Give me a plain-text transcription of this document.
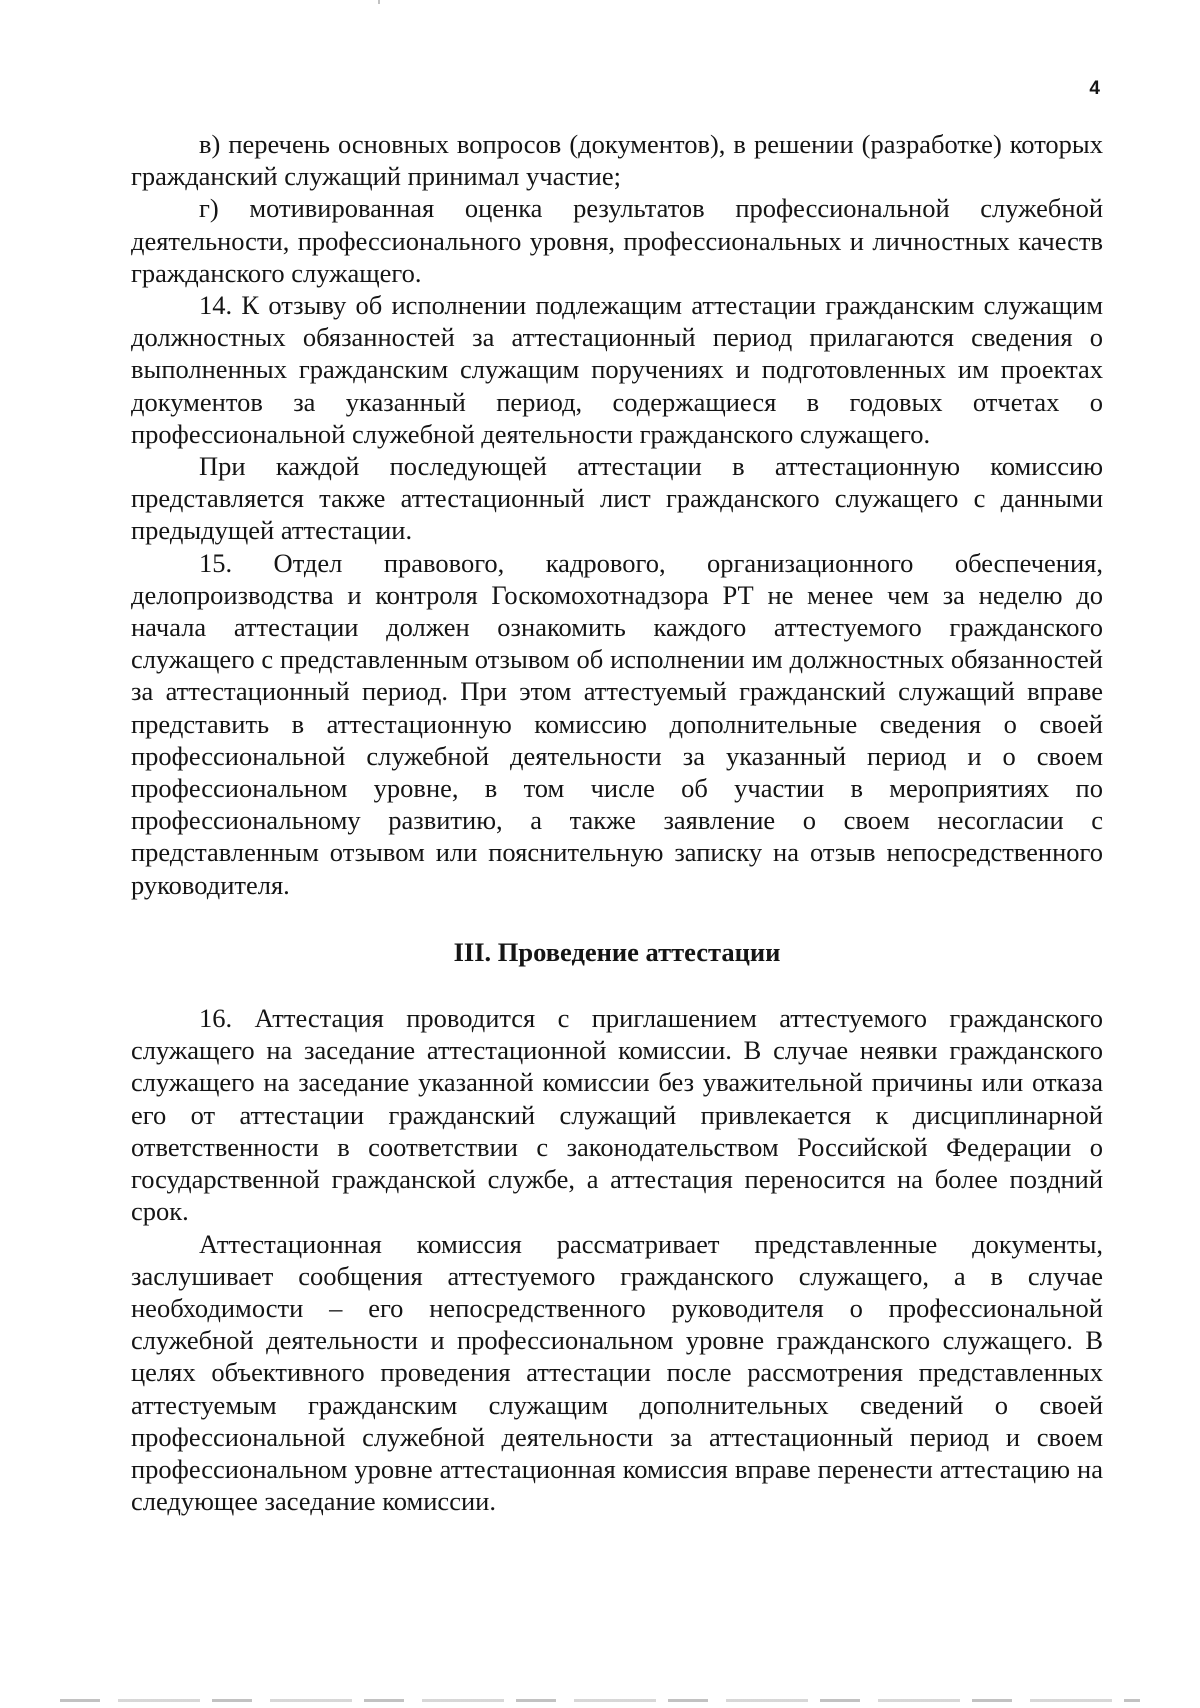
4

в) перечень основных вопросов (документов), в решении (разработке) которых гражданский служащий принимал участие;

г) мотивированная оценка результатов профессиональной служебной деятельности, профессионального уровня, профессиональных и личностных качеств гражданского служащего.

14. К отзыву об исполнении подлежащим аттестации гражданским служащим должностных обязанностей за аттестационный период прилагаются сведения о выполненных гражданским служащим поручениях и подготовленных им проектах документов за указанный период, содержащиеся в годовых отчетах о профессиональной служебной деятельности гражданского служащего.

При каждой последующей аттестации в аттестационную комиссию представляется также аттестационный лист гражданского служащего с данными предыдущей аттестации.

15. Отдел правового, кадрового, организационного обеспечения, делопроизводства и контроля Госкомохотнадзора РТ не менее чем за неделю до начала аттестации должен ознакомить каждого аттестуемого гражданского служащего с представленным отзывом об исполнении им должностных обязанностей за аттестационный период. При этом аттестуемый гражданский служащий вправе представить в аттестационную комиссию дополнительные сведения о своей профессиональной служебной деятельности за указанный период и о своем профессиональном уровне, в том числе об участии в мероприятиях по профессиональному развитию, а также заявление о своем несогласии с представленным отзывом или пояснительную записку на отзыв непосредственного руководителя.

III. Проведение аттестации

16. Аттестация проводится с приглашением аттестуемого гражданского служащего на заседание аттестационной комиссии. В случае неявки гражданского служащего на заседание указанной комиссии без уважительной причины или отказа его от аттестации гражданский служащий привлекается к дисциплинарной ответственности в соответствии с законодательством Российской Федерации о государственной гражданской службе, а аттестация переносится на более поздний срок.

Аттестационная комиссия рассматривает представленные документы, заслушивает сообщения аттестуемого гражданского служащего, а в случае необходимости – его непосредственного руководителя о профессиональной служебной деятельности и профессиональном уровне гражданского служащего. В целях объективного проведения аттестации после рассмотрения представленных аттестуемым гражданским служащим дополнительных сведений о своей профессиональной служебной деятельности за аттестационный период и своем профессиональном уровне аттестационная комиссия вправе перенести аттестацию на следующее заседание комиссии.
